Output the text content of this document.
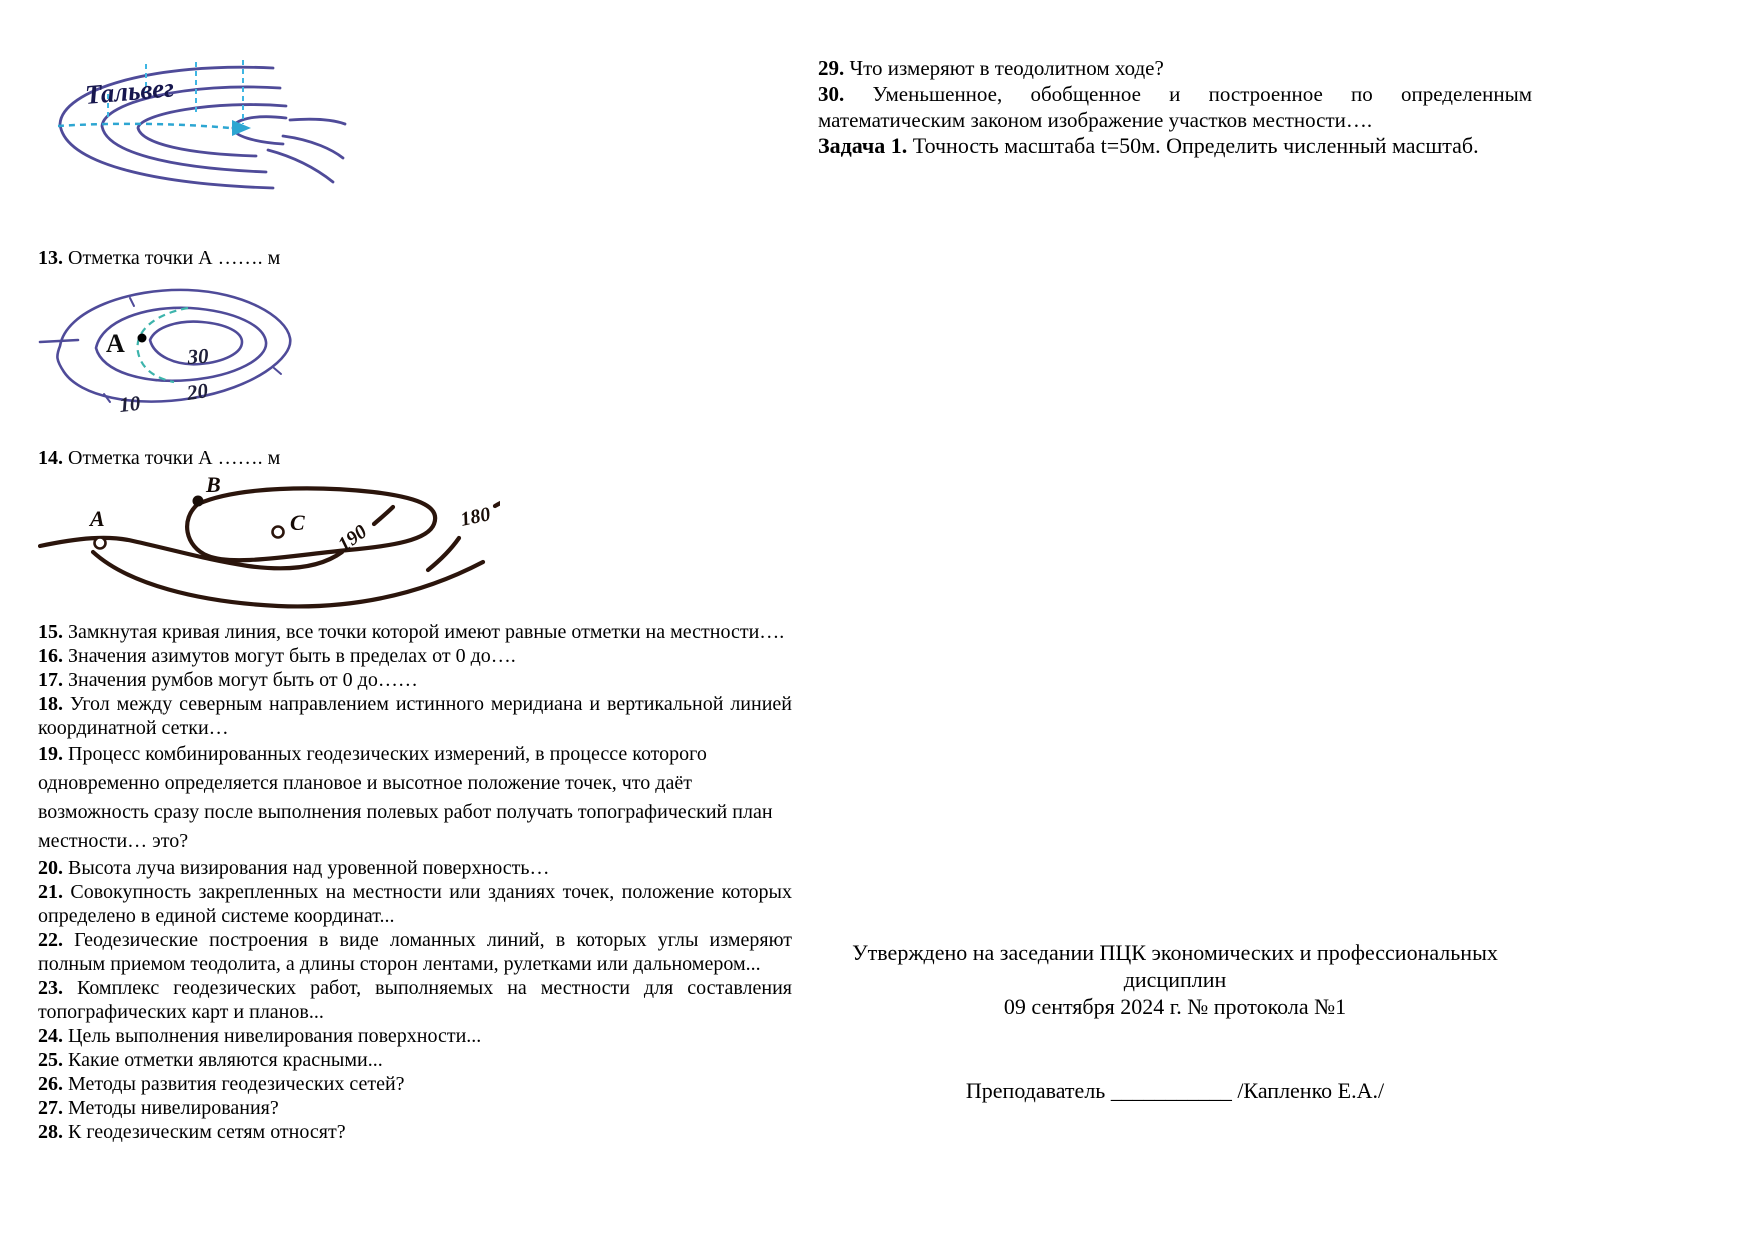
Тальвег

13. Отметка точки А ……. м

А	30
20
10

14. Отметка точки А ……. м

В
С
А
190
180

15. Замкнутая кривая линия, все точки которой имеют равные отметки на местности….

16. Значения азимутов могут быть в пределах от 0 до….

17. Значения румбов могут быть от 0 до……

18. Угол между северным направлением истинного меридиана и вертикальной линией координатной сетки…

19. Процесс комбинированных геодезических измерений, в процессе которого одновременно определяется плановое и высотное положение точек, что даёт возможность сразу после выполнения полевых работ получать топографический план местности… это?

20. Высота луча визирования над уровенной поверхность…

21. Совокупность закрепленных на местности или зданиях точек, положение которых определено в единой системе координат...

22. Геодезические построения в виде ломанных линий, в которых углы измеряют полным приемом теодолита, а длины сторон лентами, рулетками или дальномером...

23. Комплекс геодезических работ, выполняемых на местности для составления топографических карт и планов...

24. Цель выполнения нивелирования поверхности...

25. Какие отметки являются красными...

26. Методы развития геодезических сетей?

27. Методы нивелирования?

28. К геодезическим сетям относят?

29. Что измеряют в теодолитном ходе?

30. Уменьшенное, обобщенное и построенное по определенным математическим законом изображение участков местности….

Задача 1. Точность масштаба t=50м. Определить численный масштаб.

Утверждено на заседании ПЦК экономических и профессиональных
дисциплин
09 сентября 2024 г. № протокола №1

Преподаватель ___________ /Капленко Е.А./
